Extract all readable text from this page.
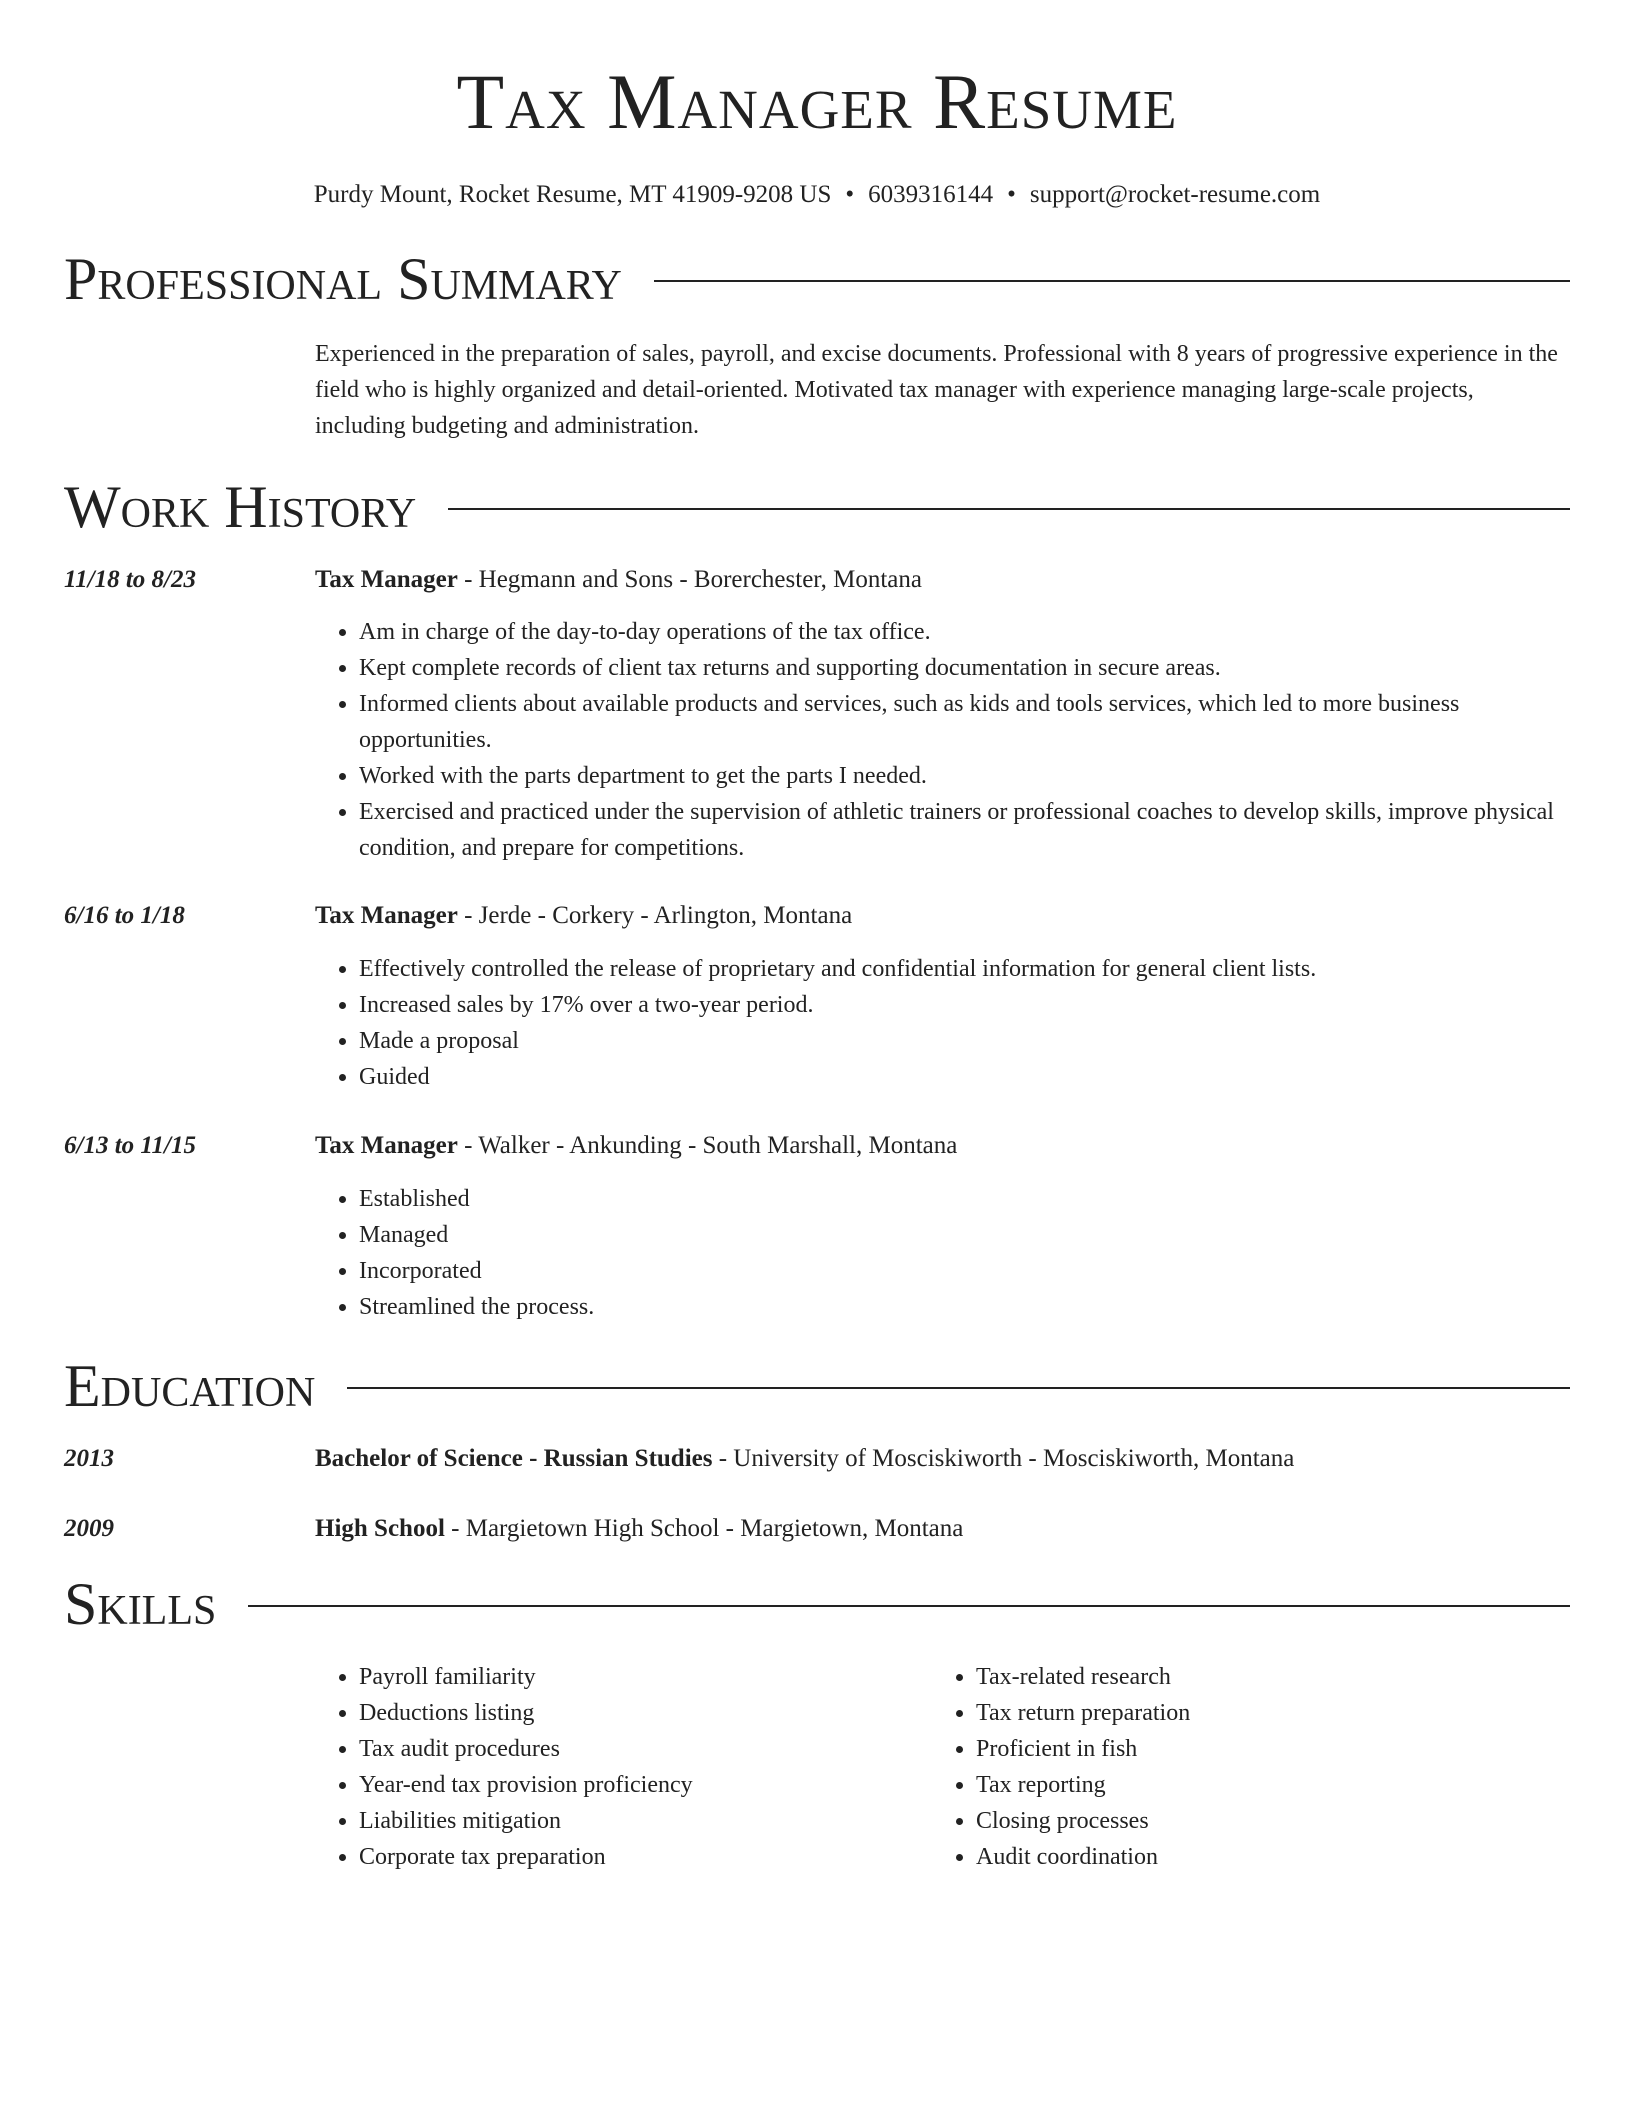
Tax Manager Resume
Purdy Mount, Rocket Resume, MT 41909-9208 US • 6039316144 • support@rocket-resume.com
Professional Summary
Experienced in the preparation of sales, payroll, and excise documents. Professional with 8 years of progressive experience in the field who is highly organized and detail-oriented. Motivated tax manager with experience managing large-scale projects, including budgeting and administration.
Work History
11/18 to 8/23	Tax Manager - Hegmann and Sons - Borerchester, Montana
• Am in charge of the day-to-day operations of the tax office.
• Kept complete records of client tax returns and supporting documentation in secure areas.
• Informed clients about available products and services, such as kids and tools services, which led to more business opportunities.
• Worked with the parts department to get the parts I needed.
• Exercised and practiced under the supervision of athletic trainers or professional coaches to develop skills, improve physical condition, and prepare for competitions.
6/16 to 1/18	Tax Manager - Jerde - Corkery - Arlington, Montana
• Effectively controlled the release of proprietary and confidential information for general client lists.
• Increased sales by 17% over a two-year period.
• Made a proposal
• Guided
6/13 to 11/15	Tax Manager - Walker - Ankunding - South Marshall, Montana
• Established
• Managed
• Incorporated
• Streamlined the process.
Education
2013	Bachelor of Science - Russian Studies - University of Mosciskiworth - Mosciskiworth, Montana
2009	High School - Margietown High School - Margietown, Montana
Skills
• Payroll familiarity
• Deductions listing
• Tax audit procedures
• Year-end tax provision proficiency
• Liabilities mitigation
• Corporate tax preparation
• Tax-related research
• Tax return preparation
• Proficient in fish
• Tax reporting
• Closing processes
• Audit coordination
